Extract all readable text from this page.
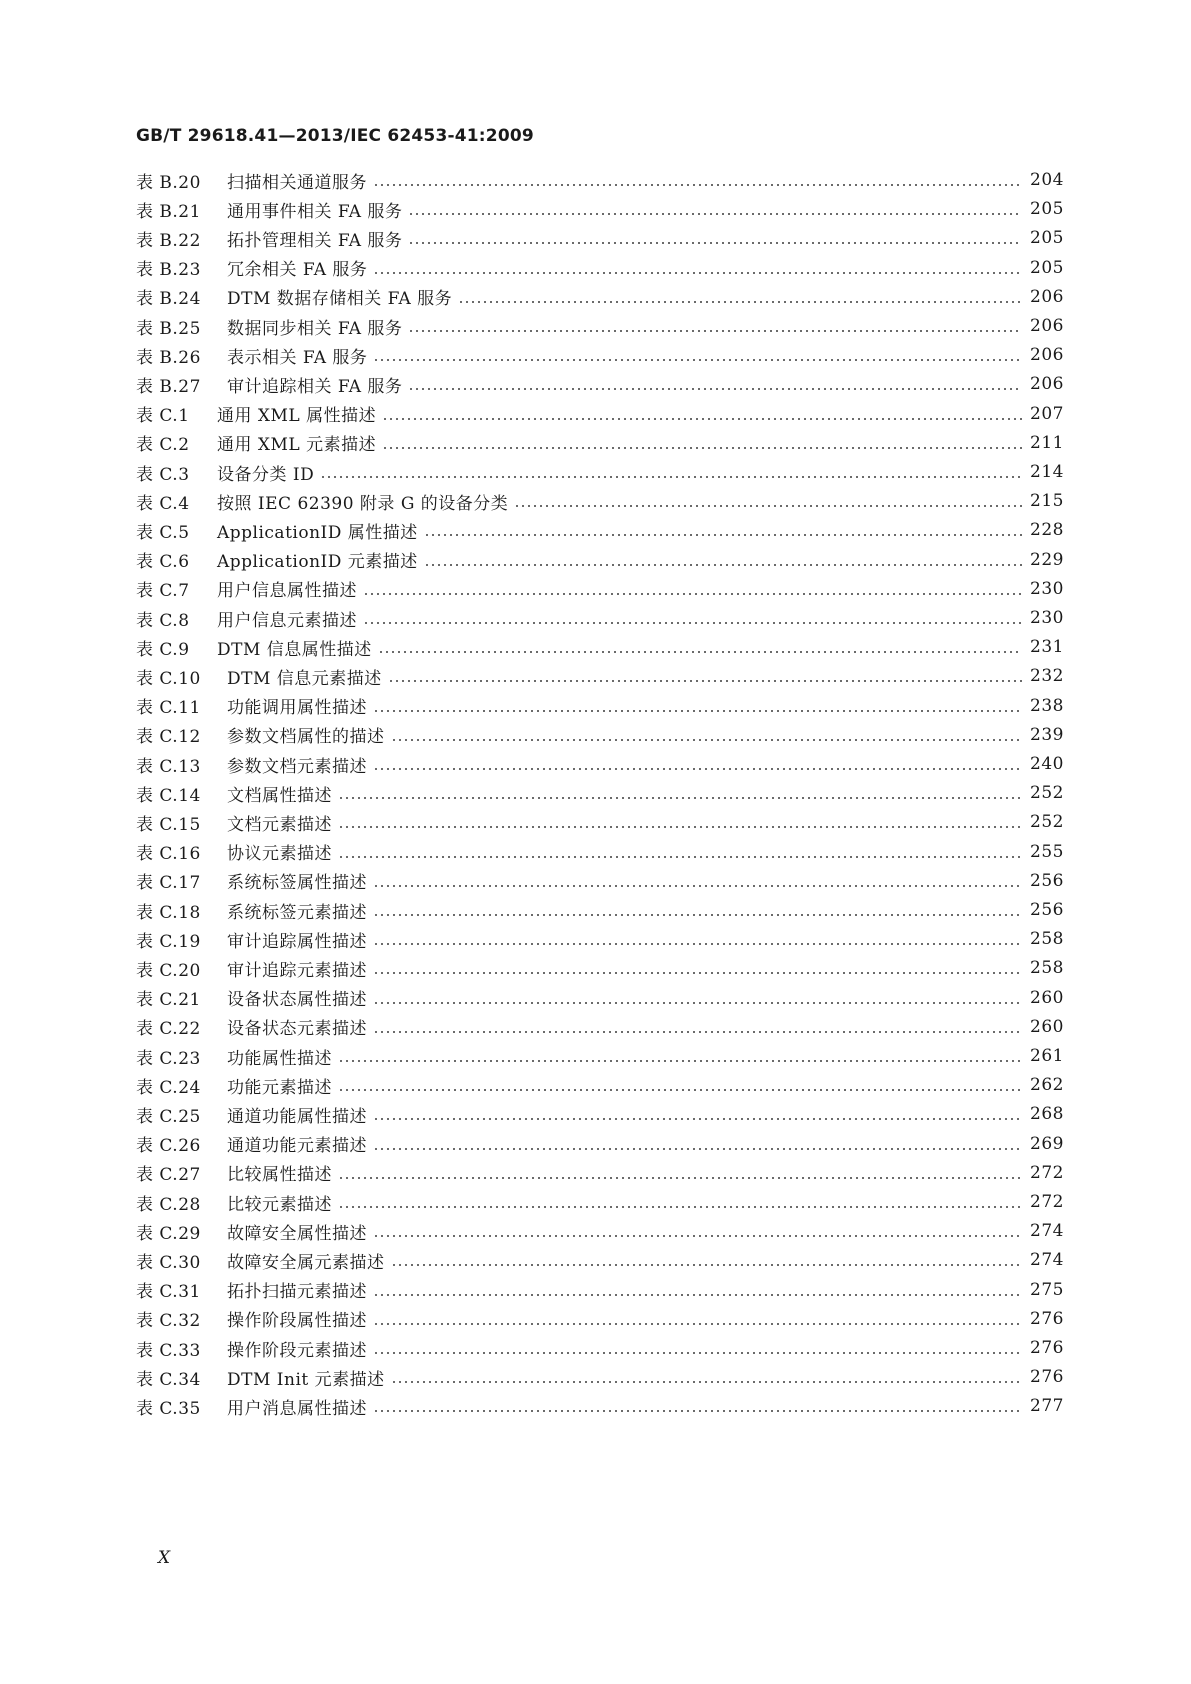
GB/T 29618.41—2013/IEC 62453-41:2009
表 B.20	扫描相关通道服务	204
表 B.21	通用事件相关 FA 服务	205
表 B.22	拓扑管理相关 FA 服务	205
表 B.23	冗余相关 FA 服务	205
表 B.24	DTM 数据存储相关 FA 服务	206
表 B.25	数据同步相关 FA 服务	206
表 B.26	表示相关 FA 服务	206
表 B.27	审计追踪相关 FA 服务	206
表 C.1	通用 XML 属性描述	207
表 C.2	通用 XML 元素描述	211
表 C.3	设备分类 ID	214
表 C.4	按照 IEC 62390 附录 G 的设备分类	215
表 C.5	ApplicationID 属性描述	228
表 C.6	ApplicationID 元素描述	229
表 C.7	用户信息属性描述	230
表 C.8	用户信息元素描述	230
表 C.9	DTM 信息属性描述	231
表 C.10	DTM 信息元素描述	232
表 C.11	功能调用属性描述	238
表 C.12	参数文档属性的描述	239
表 C.13	参数文档元素描述	240
表 C.14	文档属性描述	252
表 C.15	文档元素描述	252
表 C.16	协议元素描述	255
表 C.17	系统标签属性描述	256
表 C.18	系统标签元素描述	256
表 C.19	审计追踪属性描述	258
表 C.20	审计追踪元素描述	258
表 C.21	设备状态属性描述	260
表 C.22	设备状态元素描述	260
表 C.23	功能属性描述	261
表 C.24	功能元素描述	262
表 C.25	通道功能属性描述	268
表 C.26	通道功能元素描述	269
表 C.27	比较属性描述	272
表 C.28	比较元素描述	272
表 C.29	故障安全属性描述	274
表 C.30	故障安全属元素描述	274
表 C.31	拓扑扫描元素描述	275
表 C.32	操作阶段属性描述	276
表 C.33	操作阶段元素描述	276
表 C.34	DTM Init 元素描述	276
表 C.35	用户消息属性描述	277
X
